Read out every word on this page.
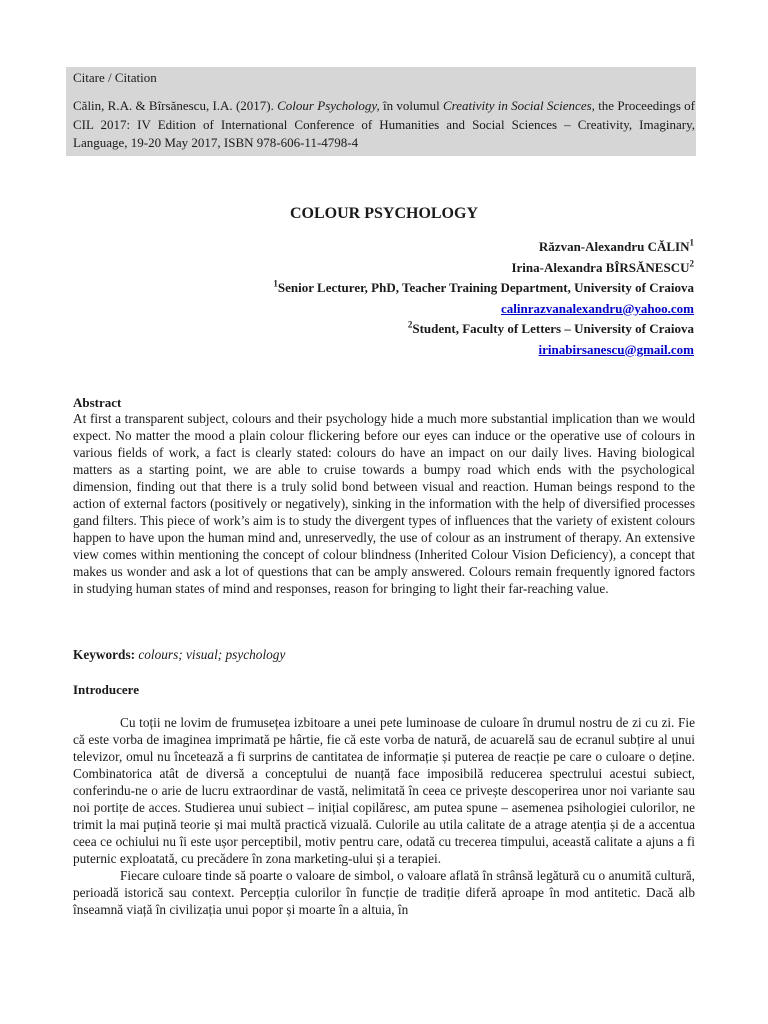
Citare / Citation
Călin, R.A. & Bîrsănescu, I.A. (2017). Colour Psychology, în volumul Creativity in Social Sciences, the Proceedings of CIL 2017: IV Edition of International Conference of Humanities and Social Sciences – Creativity, Imaginary, Language, 19-20 May 2017, ISBN 978-606-11-4798-4
COLOUR PSYCHOLOGY
Răzvan-Alexandru CĂLIN$^1$
Irina-Alexandra BÎRSĂNESCU$^2$
$^1$Senior Lecturer, PhD, Teacher Training Department, University of Craiova
calinrazvanalexandru@yahoo.com
$^2$Student, Faculty of Letters – University of Craiova
irinabirsanescu@gmail.com
Abstract
At first a transparent subject, colours and their psychology hide a much more substantial implication than we would expect. No matter the mood a plain colour flickering before our eyes can induce or the operative use of colours in various fields of work, a fact is clearly stated: colours do have an impact on our daily lives. Having biological matters as a starting point, we are able to cruise towards a bumpy road which ends with the psychological dimension, finding out that there is a truly solid bond between visual and reaction. Human beings respond to the action of external factors (positively or negatively), sinking in the information with the help of diversified processes gand filters. This piece of work’s aim is to study the divergent types of influences that the variety of existent colours happen to have upon the human mind and, unreservedly, the use of colour as an instrument of therapy. An extensive view comes within mentioning the concept of colour blindness (Inherited Colour Vision Deficiency), a concept that makes us wonder and ask a lot of questions that can be amply answered. Colours remain frequently ignored factors in studying human states of mind and responses, reason for bringing to light their far-reaching value.
Keywords: colours; visual; psychology
Introducere

Cu toții ne lovim de frumusețea izbitoare a unei pete luminoase de culoare în drumul nostru de zi cu zi. Fie că este vorba de imaginea imprimată pe hârtie, fie că este vorba de natură, de acuarelă sau de ecranul subțire al unui televizor, omul nu încetează a fi surprins de cantitatea de informație și puterea de reacție pe care o culoare o deține. Combinatorica atât de diversă a conceptului de nuanță face imposibilă reducerea spectrului acestui subiect, conferindu-ne o arie de lucru extraordinar de vastă, nelimitată în ceea ce privește descoperirea unor noi variante sau noi portițe de acces. Studierea unui subiect – inițial copilăresc, am putea spune – asemenea psihologiei culorilor, ne trimit la mai puțină teorie și mai multă practică vizuală. Culorile au utila calitate de a atrage atenția și de a accentua ceea ce ochiului nu îi este ușor perceptibil, motiv pentru care, odată cu trecerea timpului, această calitate a ajuns a fi puternic exploatată, cu precădere în zona marketing-ului și a terapiei.

Fiecare culoare tinde să poarte o valoare de simbol, o valoare aflată în strânsă legătură cu o anumită cultură, perioadă istorică sau context. Percepția culorilor în funcție de tradiție diferă aproape în mod antitetic. Dacă alb înseamnă viață în civilizația unui popor și moarte în a altuia, în
